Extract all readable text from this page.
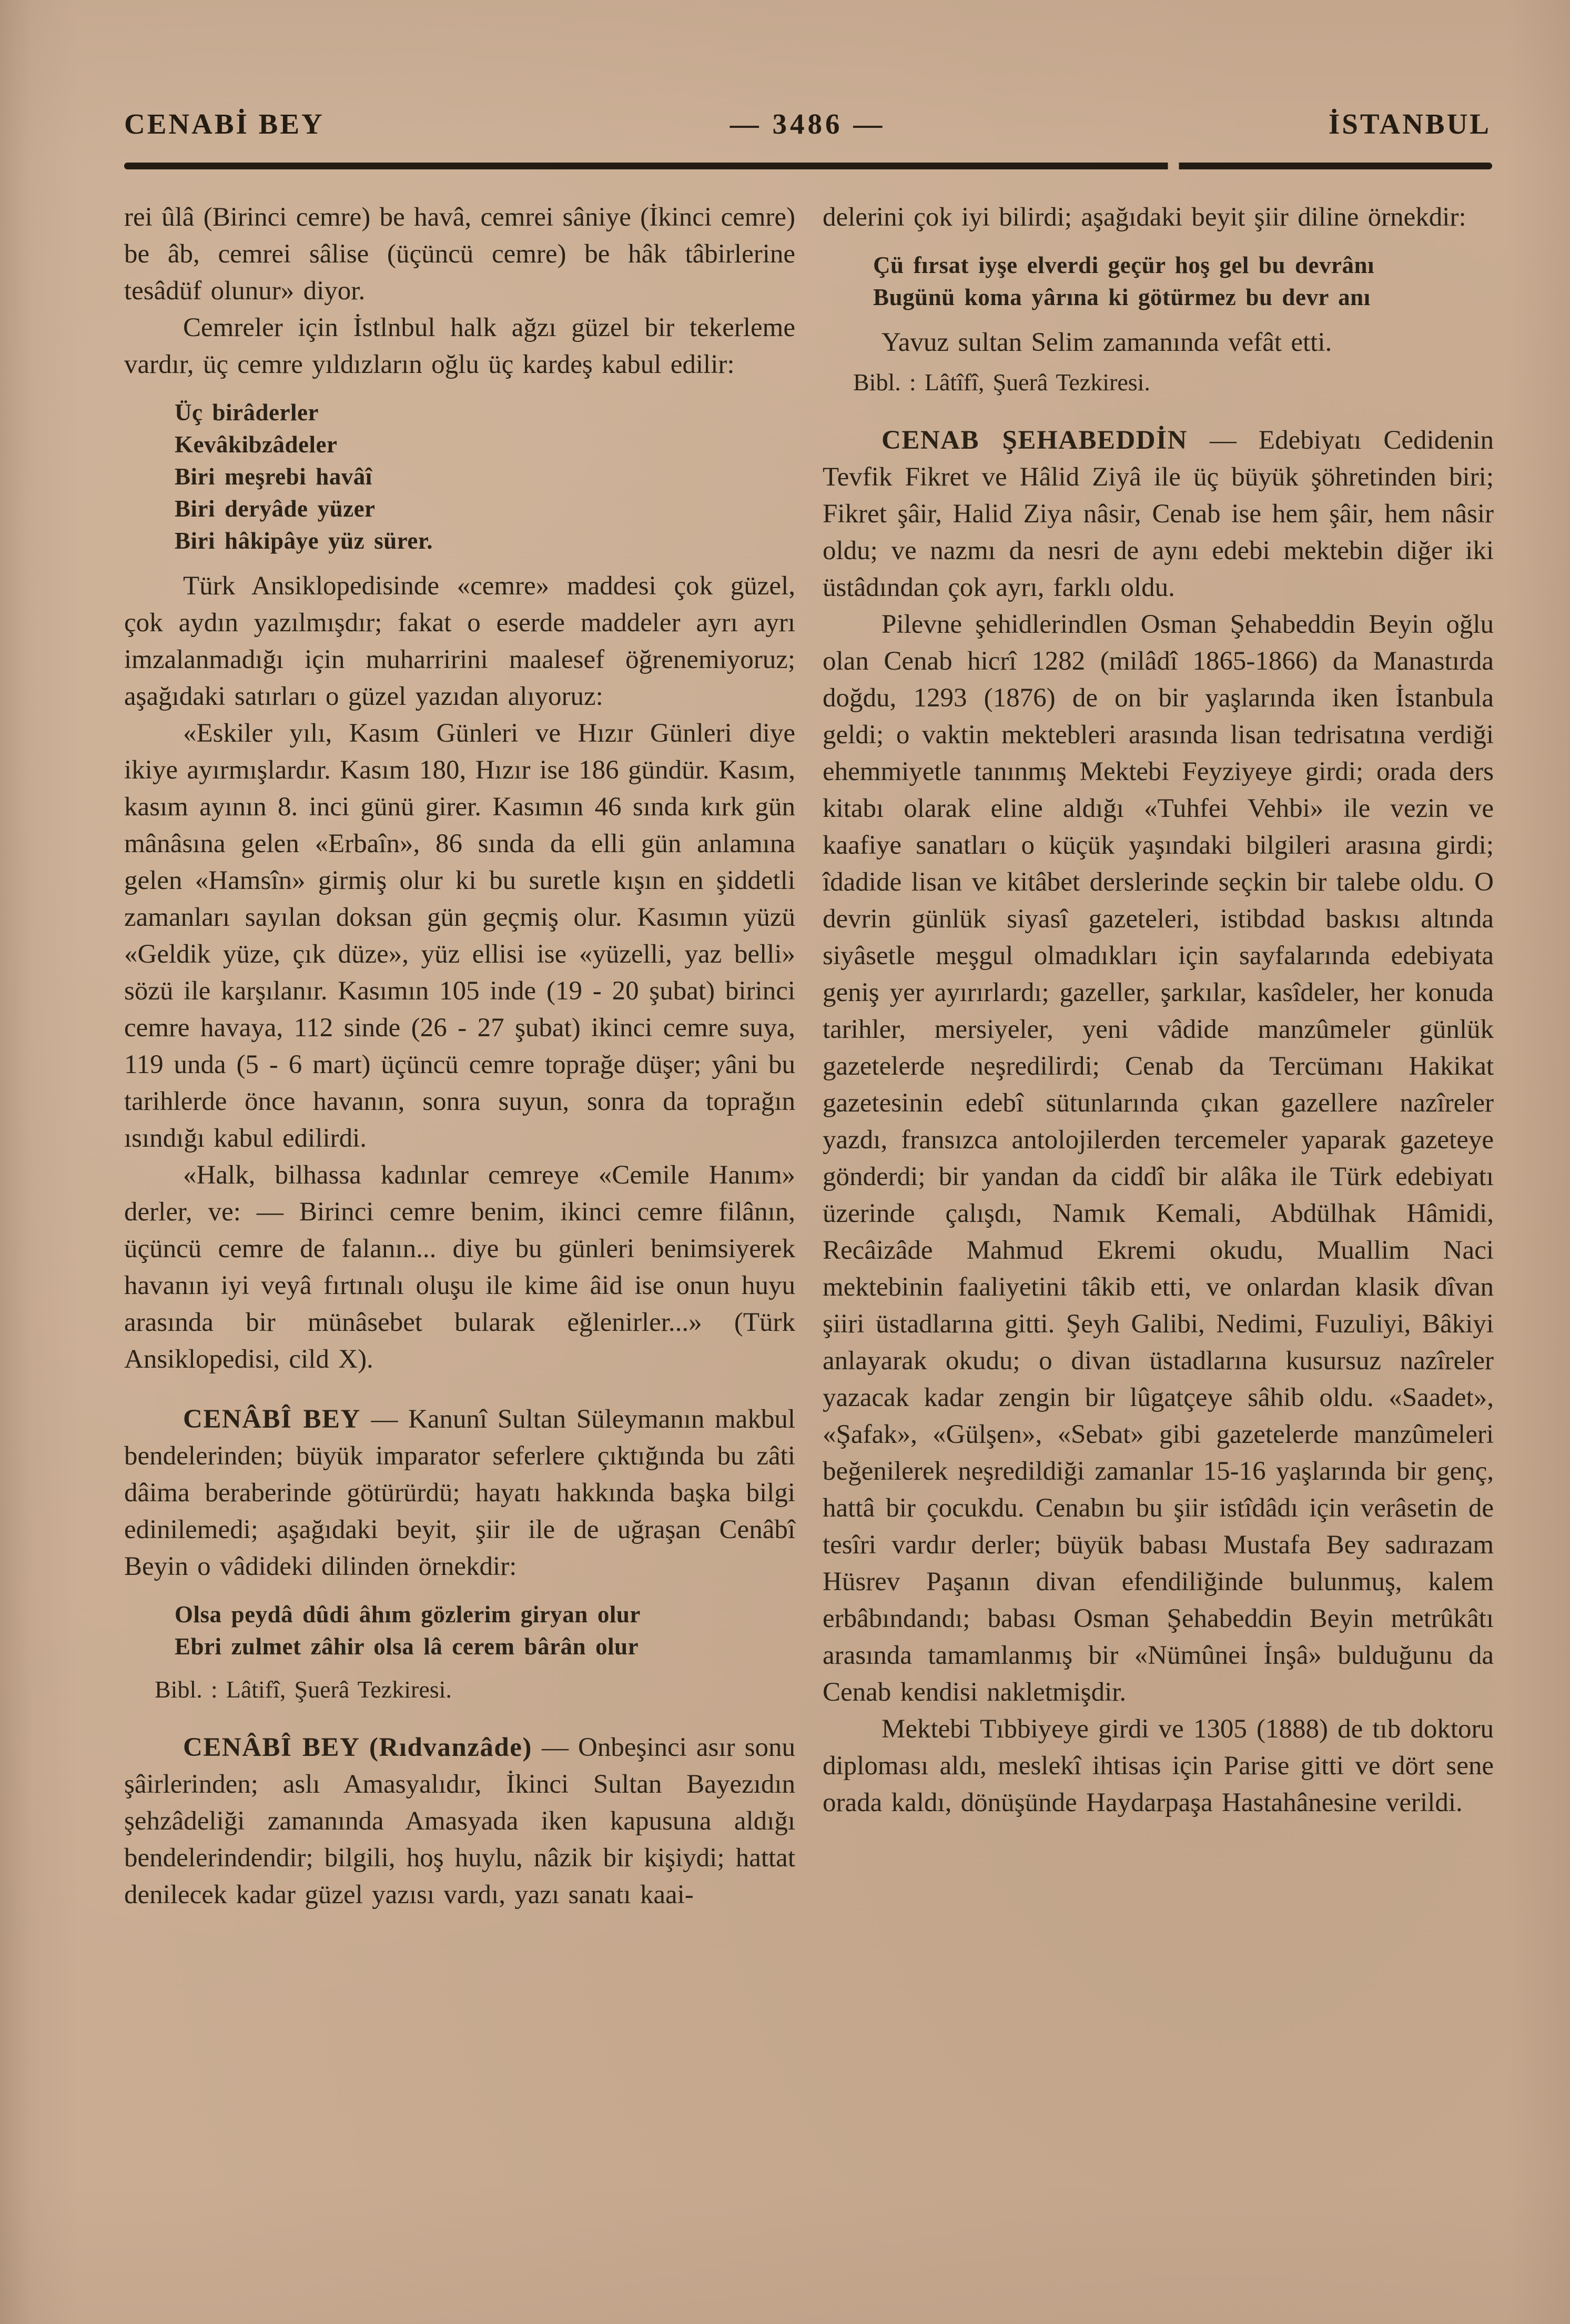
CENABİ BEY	— 3486 —	İSTANBUL

rei ûlâ (Birinci cemre) be havâ, cemrei sâniye (İkinci cemre) be âb, cemrei sâlise (üçüncü cemre) be hâk tâbirlerine tesâdüf olunur» diyor.

Cemreler için İstlnbul halk ağzı güzel bir tekerleme vardır, üç cemre yıldızların oğlu üç kardeş kabul edilir:

Üç birâderler
Kevâkibzâdeler
Biri meşrebi havâî
Biri deryâde yüzer
Biri hâkipâye yüz sürer.

Türk Ansiklopedisinde «cemre» maddesi çok güzel, çok aydın yazılmışdır; fakat o eserde maddeler ayrı ayrı imzalanmadığı için muharririni maalesef öğrenemiyoruz; aşağıdaki satırları o güzel yazıdan alıyoruz:

«Eskiler yılı, Kasım Günleri ve Hızır Günleri diye ikiye ayırmışlardır. Kasım 180, Hızır ise 186 gündür. Kasım, kasım ayının 8. inci günü girer. Kasımın 46 sında kırk gün mânâsına gelen «Erbaîn», 86 sında da elli gün anlamına gelen «Hamsîn» girmiş olur ki bu suretle kışın en şiddetli zamanları sayılan doksan gün geçmiş olur. Kasımın yüzü «Geldik yüze, çık düze», yüz ellisi ise «yüzelli, yaz belli» sözü ile karşılanır. Kasımın 105 inde (19 - 20 şubat) birinci cemre havaya, 112 sinde (26 - 27 şubat) ikinci cemre suya, 119 unda (5 - 6 mart) üçüncü cemre toprağe düşer; yâni bu tarihlerde önce havanın, sonra suyun, sonra da toprağın ısındığı kabul edilirdi.

«Halk, bilhassa kadınlar cemreye «Cemile Hanım» derler, ve: — Birinci cemre benim, ikinci cemre filânın, üçüncü cemre de falanın... diye bu günleri benimsiyerek havanın iyi veyâ fırtınalı oluşu ile kime âid ise onun huyu arasında bir münâsebet bularak eğlenirler...» (Türk Ansiklopedisi, cild X).

CENÂBÎ BEY — Kanunî Sultan Süleymanın makbul bendelerinden; büyük imparator seferlere çıktığında bu zâti dâima beraberinde götürürdü; hayatı hakkında başka bilgi edinilemedi; aşağıdaki beyit, şiir ile de uğraşan Cenâbî Beyin o vâdideki dilinden örnekdir:

Olsa peydâ dûdi âhım gözlerim giryan olur
Ebri zulmet zâhir olsa lâ cerem bârân olur
Bibl. : Lâtifî, Şuerâ Tezkiresi.

CENÂBÎ BEY (Rıdvanzâde) — Onbeşinci asır sonu şâirlerinden; aslı Amasyalıdır, İkinci Sultan Bayezıdın şehzâdeliği zamanında Amasyada iken kapusuna aldığı bendelerindendir; bilgili, hoş huylu, nâzik bir kişiydi; hattat denilecek kadar güzel yazısı vardı, yazı sanatı kaai-

delerini çok iyi bilirdi; aşağıdaki beyit şiir diline örnekdir:

Çü fırsat iyşe elverdi geçür hoş gel bu devrânı
Bugünü koma yârına ki götürmez bu devr anı

Yavuz sultan Selim zamanında vefât etti.

Bibl. : Lâtîfî, Şuerâ Tezkiresi.

CENAB ŞEHABEDDİN — Edebiyatı Cedidenin Tevfik Fikret ve Hâlid Ziyâ ile üç büyük şöhretinden biri; Fikret şâir, Halid Ziya nâsir, Cenab ise hem şâir, hem nâsir oldu; ve nazmı da nesri de aynı edebi mektebin diğer iki üstâdından çok ayrı, farklı oldu.

Pilevne şehidlerindlen Osman Şehabeddin Beyin oğlu olan Cenab hicrî 1282 (milâdî 1865-1866) da Manastırda doğdu, 1293 (1876) de on bir yaşlarında iken İstanbula geldi; o vaktin mektebleri arasında lisan tedrisatına verdiği ehemmiyetle tanınmış Mektebi Feyziyeye girdi; orada ders kitabı olarak eline aldığı «Tuhfei Vehbi» ile vezin ve kaafiye sanatları o küçük yaşındaki bilgileri arasına girdi; îdadide lisan ve kitâbet derslerinde seçkin bir talebe oldu. O devrin günlük siyasî gazeteleri, istibdad baskısı altında siyâsetle meşgul olmadıkları için sayfalarında edebiyata geniş yer ayırırlardı; gazeller, şarkılar, kasîdeler, her konuda tarihler, mersiyeler, yeni vâdide manzûmeler günlük gazetelerde neşredilirdi; Cenab da Tercümanı Hakikat gazetesinin edebî sütunlarında çıkan gazellere nazîreler yazdı, fransızca antolojilerden tercemeler yaparak gazeteye gönderdi; bir yandan da ciddî bir alâka ile Türk edebiyatı üzerinde çalışdı, Namık Kemali, Abdülhak Hâmidi, Recâizâde Mahmud Ekremi okudu, Muallim Naci mektebinin faaliyetini tâkib etti, ve onlardan klasik dîvan şiiri üstadlarına gitti. Şeyh Galibi, Nedimi, Fuzuliyi, Bâkiyi anlayarak okudu; o divan üstadlarına kusursuz nazîreler yazacak kadar zengin bir lûgatçeye sâhib oldu. «Saadet», «Şafak», «Gülşen», «Sebat» gibi gazetelerde manzûmeleri beğenilerek neşredildiği zamanlar 15-16 yaşlarında bir genç, hattâ bir çocukdu. Cenabın bu şiir istîdâdı için verâsetin de tesîri vardır derler; büyük babası Mustafa Bey sadırazam Hüsrev Paşanın divan efendiliğinde bulunmuş, kalem erbâbındandı; babası Osman Şehabeddin Beyin metrûkâtı arasında tamamlanmış bir «Nümûnei İnşâ» bulduğunu da Cenab kendisi nakletmişdir.

Mektebi Tıbbiyeye girdi ve 1305 (1888) de tıb doktoru diploması aldı, meslekî ihtisas için Parise gitti ve dört sene orada kaldı, dönüşünde Haydarpaşa Hastahânesine verildi.
